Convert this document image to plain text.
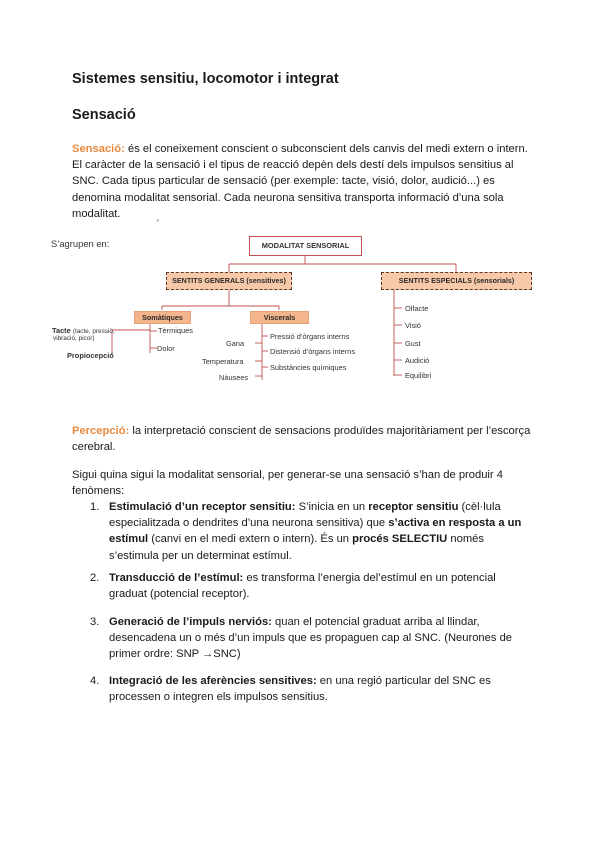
Sistemes sensitiu, locomotor i integrat
Sensació
Sensació: és el coneixement conscient o subconscient dels canvis del medi extern o intern. El caràcter de la sensació i el tipus de reacció depèn dels destí dels impulsos sensitius al SNC. Cada tipus particular de sensació (per exemple: tacte, visió, dolor, audició...) es denomina modalitat sensorial. Cada neurona sensitiva transporta informació d’una sola modalitat.
'
S’agrupen en:	MODALITAT SENSORIAL
SENTITS GENERALS (sensitives)	SENTITS ESPECIALS (sensorials)
Somàtiques	Viscerals
Tèrmiques
Dolor
Tacte (tacte, pressió,
vibració, picor)
Propiocepció
Pressió d’òrgans interns
Distensió d’òrgans interns
Substàncies químiques
Gana
Temperatura
Nàusees
Olfacte
Visió
Gust
Audició
Equilibri
Percepció: la interpretació conscient de sensacions produïdes majoritàriament per l’escorça cerebral.
Sigui quina sigui la modalitat sensorial, per generar-se una sensació s’han de produir 4 fenòmens:
1. Estimulació d’un receptor sensitiu: S’inicia en un receptor sensitiu (cèl·lula especialitzada o dendrites d’una neurona sensitiva) que s’activa en resposta a un estímul (canvi en el medi extern o intern). És un procés SELECTIU només s’estimula per un determinat estímul.
2. Transducció de l’estímul: es transforma l’energia del’estímul en un potencial graduat (potencial receptor).
3. Generació de l’impuls nerviós: quan el potencial graduat arriba al llindar, desencadena un o més d’un impuls que es propaguen cap al SNC. (Neurones de primer ordre: SNP →SNC)
4. Integració de les aferències sensitives: en una regió particular del SNC es processen o integren els impulsos sensitius.
